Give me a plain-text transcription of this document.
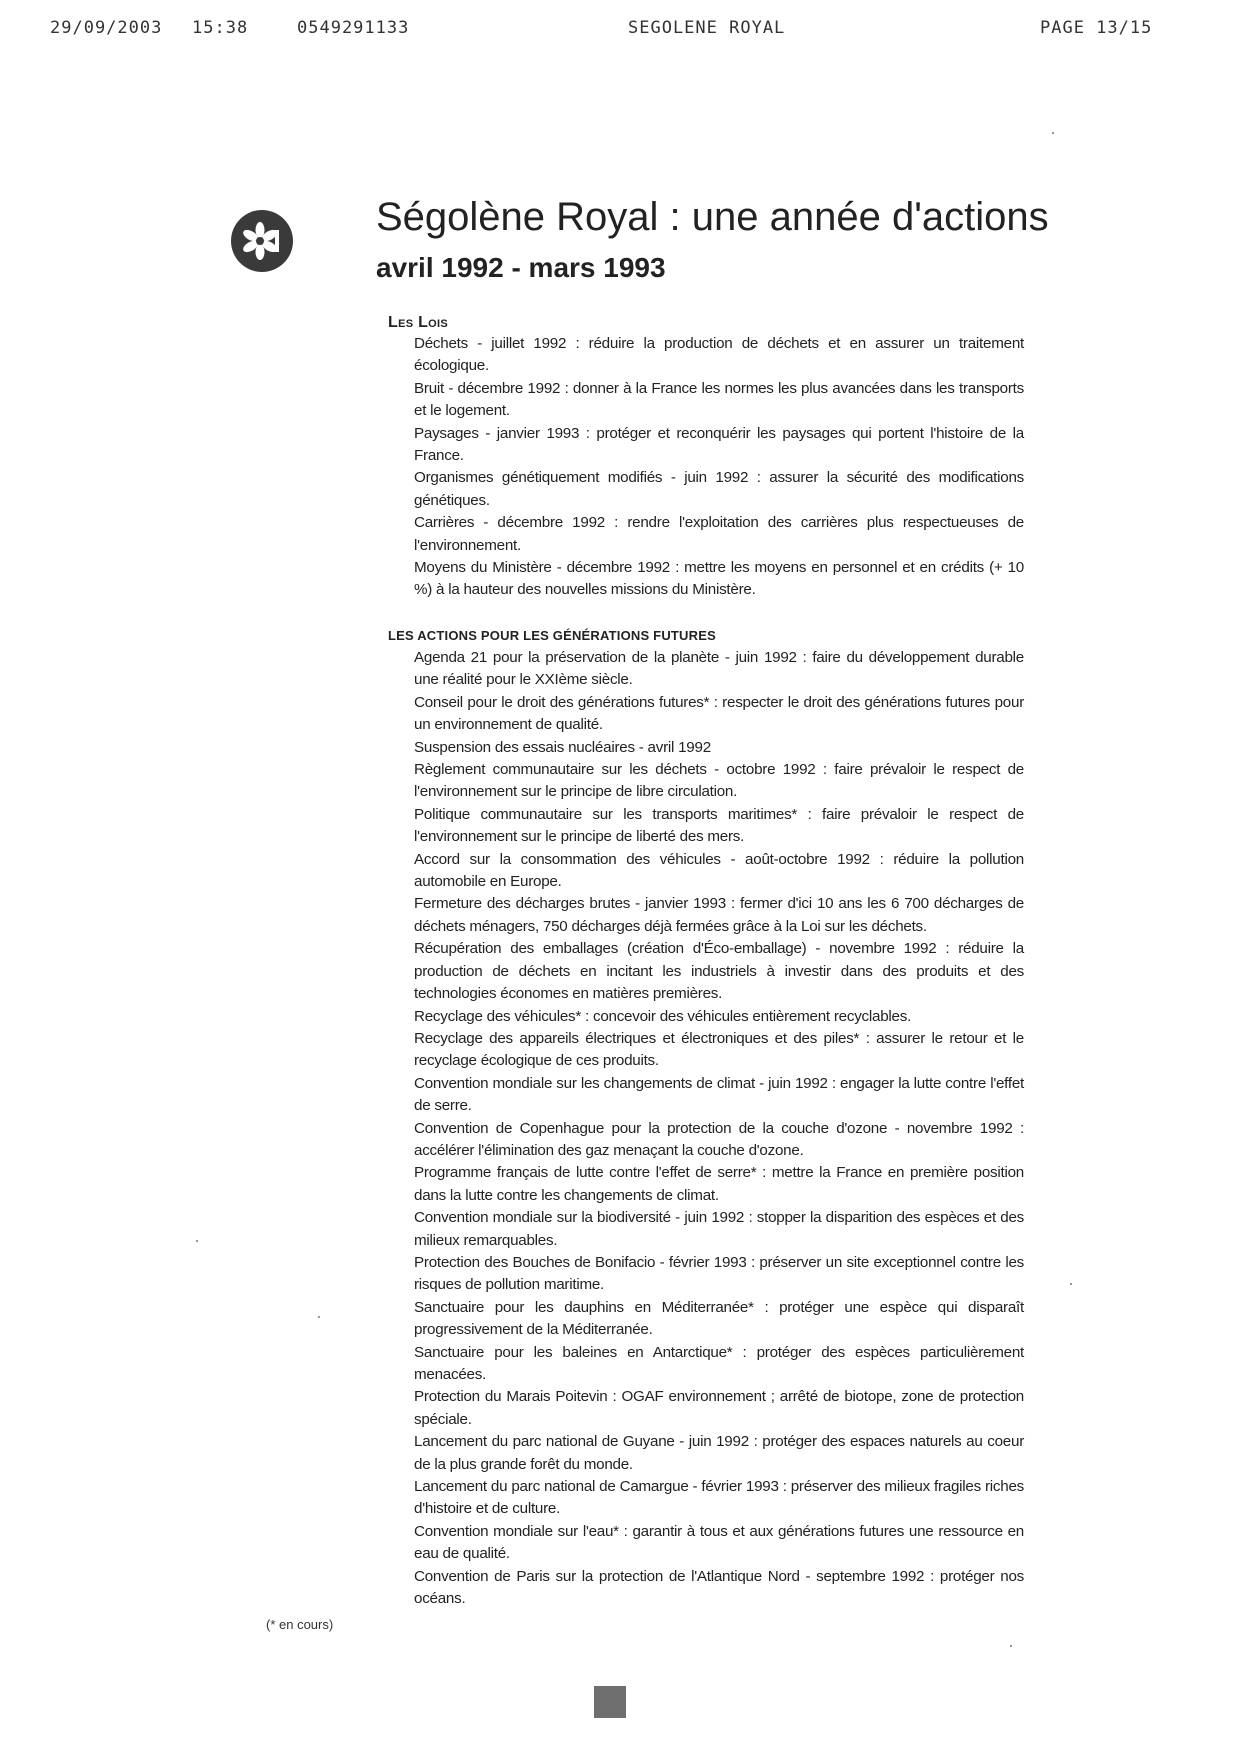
29/09/2003 15:38	0549291133	SEGOLENE ROYAL	PAGE 13/15
Ségolène Royal : une année d'actions
avril 1992 - mars 1993
Les Lois
Déchets - juillet 1992 : réduire la production de déchets et en assurer un traitement écologique.
Bruit - décembre 1992 : donner à la France les normes les plus avancées dans les transports et le logement.
Paysages - janvier 1993 : protéger et reconquérir les paysages qui portent l'histoire de la France.
Organismes génétiquement modifiés - juin 1992 : assurer la sécurité des modifications génétiques.
Carrières - décembre 1992 : rendre l'exploitation des carrières plus respectueuses de l'environnement.
Moyens du Ministère - décembre 1992 : mettre les moyens en personnel et en crédits (+ 10 %) à la hauteur des nouvelles missions du Ministère.
LES ACTIONS POUR LES GÉNÉRATIONS FUTURES
Agenda 21 pour la préservation de la planète - juin 1992 : faire du développement durable une réalité pour le XXIème siècle.
Conseil pour le droit des générations futures* : respecter le droit des générations futures pour un environnement de qualité.
Suspension des essais nucléaires - avril 1992
Règlement communautaire sur les déchets - octobre 1992 : faire prévaloir le respect de l'environnement sur le principe de libre circulation.
Politique communautaire sur les transports maritimes* : faire prévaloir le respect de l'environnement sur le principe de liberté des mers.
Accord sur la consommation des véhicules - août-octobre 1992 : réduire la pollution automobile en Europe.
Fermeture des décharges brutes - janvier 1993 : fermer d'ici 10 ans les 6 700 décharges de déchets ménagers, 750 décharges déjà fermées grâce à la Loi sur les déchets.
Récupération des emballages (création d'Éco-emballage) - novembre 1992 : réduire la production de déchets en incitant les industriels à investir dans des produits et des technologies économes en matières premières.
Recyclage des véhicules* : concevoir des véhicules entièrement recyclables.
Recyclage des appareils électriques et électroniques et des piles* : assurer le retour et le recyclage écologique de ces produits.
Convention mondiale sur les changements de climat - juin 1992 : engager la lutte contre l'effet de serre.
Convention de Copenhague pour la protection de la couche d'ozone - novembre 1992 : accélérer l'élimination des gaz menaçant la couche d'ozone.
Programme français de lutte contre l'effet de serre* : mettre la France en première position dans la lutte contre les changements de climat.
Convention mondiale sur la biodiversité - juin 1992 : stopper la disparition des espèces et des milieux remarquables.
Protection des Bouches de Bonifacio - février 1993 : préserver un site exceptionnel contre les risques de pollution maritime.
Sanctuaire pour les dauphins en Méditerranée* : protéger une espèce qui disparaît progressivement de la Méditerranée.
Sanctuaire pour les baleines en Antarctique* : protéger des espèces particulièrement menacées.
Protection du Marais Poitevin : OGAF environnement ; arrêté de biotope, zone de protection spéciale.
Lancement du parc national de Guyane - juin 1992 : protéger des espaces naturels au coeur de la plus grande forêt du monde.
Lancement du parc national de Camargue - février 1993 : préserver des milieux fragiles riches d'histoire et de culture.
Convention mondiale sur l'eau* : garantir à tous et aux générations futures une ressource en eau de qualité.
Convention de Paris sur la protection de l'Atlantique Nord - septembre 1992 : protéger nos océans.
(* en cours)
